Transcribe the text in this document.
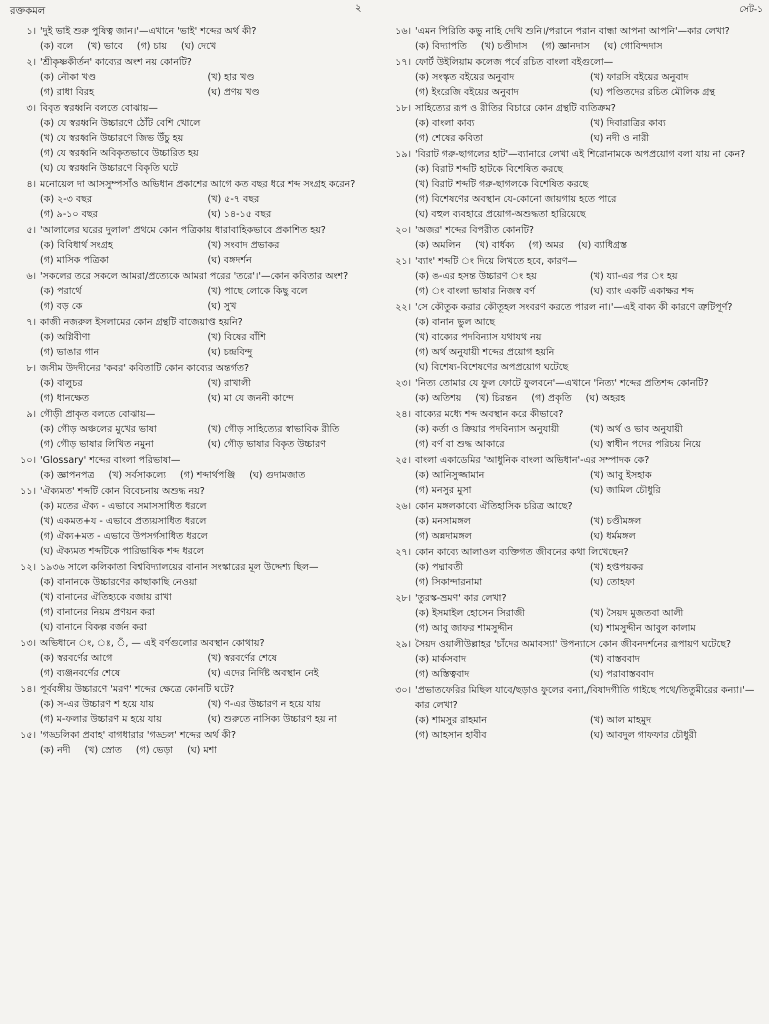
রক্তকমল	২	সেট-১
১। 'দুই ভাই শুরু পুষিত্ব জান।'—এখানে 'ভাই' শব্দের অর্থ কী?
(ক) বলে (খ) ভাবে (গ) চায় (ঘ) দেখে
২। 'শ্রীকৃষ্ণকীর্তন' কাব্যের অংশ নয় কোনটি?
(ক) নৌকা খণ্ড	(খ) হার খণ্ড
(গ) রাধা বিরহ	(ঘ) প্রণয় খণ্ড
৩। বিবৃত স্বরধ্বনি বলতে বোঝায়—
(ক) যে স্বরধ্বনি উচ্চারণে ঠোঁট বেশি খোলে
(খ) যে স্বরধ্বনি উচ্চারণে জিভ উঁচু হয়
(গ) যে স্বরধ্বনি অবিকৃতভাবে উচ্চারিত হয়
(ঘ) যে স্বরধ্বনি উচ্চারণে বিকৃতি ঘটে
৪। মনোয়েল দা আসসুম্পসাঁও অভিধান প্রকাশের আগে কত বছর ধরে শব্দ সংগ্রহ করেন?
(ক) ২-৩ বছর	(খ) ৫-৭ বছর
(গ) ৯-১০ বছর	(ঘ) ১৪-১৫ বছর
৫। 'আলালের ঘরের দুলাল' প্রথমে কোন পত্রিকায় ধারাবাহিকভাবে প্রকাশিত হয়?
(ক) বিবিধার্থ সংগ্রহ	(খ) সংবাদ প্রভাকর
(গ) মাসিক পত্রিকা	(ঘ) বঙ্গদর্শন
৬। 'সকলের তরে সকলে আমরা/প্রত্যেকে আমরা পরের 'তরে'।'—কোন কবিতার অংশ?
(ক) পরার্থে	(খ) পাছে লোকে কিছু বলে
(গ) বড় কে	(ঘ) সুখ
৭। কাজী নজরুল ইসলামের কোন গ্রন্থটি বাজেয়াপ্ত হয়নি?
(ক) অগ্নিবীণা	(খ) বিষের বাঁশি
(গ) ভাঙার গান	(ঘ) চন্দ্রবিন্দু
৮। জসীম উদদীনের 'কবর' কবিতাটি কোন কাব্যের অন্তর্গত?
(ক) বালুচর	(খ) রাখালী
(গ) ধানক্ষেত	(ঘ) মা যে জননী কান্দে
৯। গৌড়ী প্রাকৃত বলতে বোঝায়—
(ক) গৌড় অঞ্চলের মুখের ভাষা	(খ) গৌড় সাহিত্যের স্বাভাবিক রীতি
(গ) গৌড় ভাষার লিখিত নমুনা	(ঘ) গৌড় ভাষার বিকৃত উচ্চারণ
১০। 'Glossary' শব্দের বাংলা পরিভাষা—
(ক) জ্ঞাপনপত্র (খ) সর্বসাকল্যে (গ) শব্দার্থপঞ্জি (ঘ) গুদামজাত
১১। 'ঐক্যমত' শব্দটি কোন বিবেচনায় অশুদ্ধ নয়?
(ক) মতের ঐক্য - এভাবে সমাসসাধিত ধরলে
(খ) একমত+য - এভাবে প্রত্যয়সাধিত ধরলে
(গ) ঐক্য+মত - এভাবে উপসর্গসাধিত ধরলে
(ঘ) ঐক্যমত শব্দটিকে পারিভাষিক শব্দ ধরলে
১২। ১৯৩৬ সালে কলিকাতা বিশ্ববিদ্যালয়ের বানান সংস্কারের মূল উদ্দেশ্য ছিল—
(ক) বানানকে উচ্চারণের কাছাকাছি নেওয়া
(খ) বানানের ঐতিহ্যকে বজায় রাখা
(গ) বানানের নিয়ম প্রণয়ন করা
(ঘ) বানানে বিকল্প বর্জন করা
১৩। অভিধানে ং, ঃ, ঁ, — এই বর্ণগুলোর অবস্থান কোথায়?
(ক) স্বরবর্ণের আগে	(খ) স্বরবর্ণের শেষে
(গ) ব্যঞ্জনবর্ণের শেষে	(ঘ) এদের নির্দিষ্ট অবস্থান নেই
১৪। পূর্ববঙ্গীয় উচ্চারণে 'মরণ' শব্দের ক্ষেত্রে কোনটি ঘটে?
(ক) স-এর উচ্চারণ শ হয়ে যায়	(খ) ণ-এর উচ্চারণ ন হয়ে যায়
(গ) ম-ফলার উচ্চারণ ম হয়ে যায়	(ঘ) শুরুতে নাসিক্য উচ্চারণ হয় না
১৫। 'গড্ডলিকা প্রবাহ' বাগধারার 'গড্ডল' শব্দের অর্থ কী?
(ক) নদী (খ) স্রোত (গ) ভেড়া (ঘ) মশা
১৬। 'এমন পিরিতি কভু নাহি দেখি শুনি।/পরানে পরান বান্ধা আপনা আপনি'—কার লেখা?
(ক) বিদ্যাপতি (খ) চণ্ডীদাস (গ) জ্ঞানদাস (ঘ) গোবিন্দদাস
১৭। ফোর্ট উইলিয়াম কলেজ পর্বে রচিত বাংলা বইগুলো—
(ক) সংস্কৃত বইয়ের অনুবাদ	(খ) ফারসি বইয়ের অনুবাদ
(গ) ইংরেজি বইয়ের অনুবাদ	(ঘ) পণ্ডিতদের রচিত মৌলিক গ্রন্থ
১৮। সাহিত্যের রূপ ও রীতির বিচারে কোন গ্রন্থটি ব্যতিক্রম?
(ক) বাংলা কাব্য	(খ) দিবারাত্রির কাব্য
(গ) শেষের কবিতা	(ঘ) নদী ও নারী
১৯। 'বিরাট গরু-ছাগলের হাট'—ব্যানারে লেখা এই শিরোনামকে অপপ্রয়োগ বলা যায় না কেন?
(ক) বিরাট শব্দটি হাটকে বিশেষিত করছে
(খ) বিরাট শব্দটি গরু-ছাগলকে বিশেষিত করছে
(গ) বিশেষণের অবস্থান যে-কোনো জায়গায় হতে পারে
(ঘ) বহুল ব্যবহারে প্রয়োগ-অশুদ্ধতা হারিয়েছে
২০। 'অজর' শব্দের বিপরীত কোনটি?
(ক) অমলিন (খ) বার্ধক্য (গ) অমর (ঘ) ব্যাধিগ্রস্ত
২১। 'ব্যাং' শব্দটি ং দিয়ে লিখতে হবে, কারণ—
(ক) ঙ-এর হসন্ত উচ্চারণ ং হয়	(খ) য্যা-এর পর ং হয়
(গ) ং বাংলা ভাষার নিজস্ব বর্ণ	(ঘ) ব্যাং একটি একাক্ষর শব্দ
২২। 'সে কৌতুক করার কৌতূহল সংবরণ করতে পারল না।'—এই বাক্য কী কারণে ত্রুটিপূর্ণ?
(ক) বানান ভুল আছে
(খ) বাক্যের পদবিন্যাস যথাযথ নয়
(গ) অর্থ অনুযায়ী শব্দের প্রয়োগ হয়নি
(ঘ) বিশেষ্য-বিশেষণের অপপ্রয়োগ ঘটেছে
২৩। 'নিত্য তোমার যে ফুল ফোটে ফুলবনে'—এখানে 'নিত্য' শব্দের প্রতিশব্দ কোনটি?
(ক) অতিশয় (খ) চিরন্তন (গ) প্রকৃতি (ঘ) অহরহ
২৪। বাক্যের মধ্যে শব্দ অবস্থান করে কীভাবে?
(ক) কর্তা ও ক্রিয়ার পদবিন্যাস অনুযায়ী	(খ) অর্থ ও ভাব অনুযায়ী
(গ) বর্ণ বা শুদ্ধ আকারে	(ঘ) স্বাধীন পদের পরিচয় নিয়ে
২৫। বাংলা একাডেমির 'আধুনিক বাংলা অভিধান'-এর সম্পাদক কে?
(ক) আনিসুজ্জামান	(খ) আবু ইসহাক
(গ) মনসুর মুসা	(ঘ) জামিল চৌধুরি
২৬। কোন মঙ্গলকাব্যে ঐতিহাসিক চরিত্র আছে?
(ক) মনসামঙ্গল	(খ) চণ্ডীমঙ্গল
(গ) অন্নদামঙ্গল	(ঘ) ধর্মমঙ্গল
২৭। কোন কাব্যে আলাওল ব্যক্তিগত জীবনের কথা লিখেছেন?
(ক) পদ্মাবতী	(খ) হপ্তপয়কর
(গ) সিকান্দারনামা	(ঘ) তোহফা
২৮। 'তুরস্ক-ভ্রমণ' কার লেখা?
(ক) ইসমাইল হোসেন সিরাজী	(খ) সৈয়দ মুজতবা আলী
(গ) আবু জাফর শামসুদ্দীন	(ঘ) শামসুদ্দীন আবুল কালাম
২৯। সৈয়দ ওয়ালীউল্লাহর 'চাঁদের অমাবস্যা' উপন্যাসে কোন জীবনদর্শনের রূপায়ণ ঘটেছে?
(ক) মার্কসবাদ	(খ) বাস্তববাদ
(গ) অস্তিত্ববাদ	(ঘ) পরাবাস্তববাদ
৩০। 'প্রভাতফেরির মিছিল যাবে/ছড়াও ফুলের বন্যা,/বিষাদগীতি গাইছে পথে/তিতুমীরের কন্যা।'—কার লেখা?
(ক) শামসুর রাহমান	(খ) আল মাহমুদ
(গ) আহসান হাবীব	(ঘ) আবদুল গাফফার চৌধুরী
